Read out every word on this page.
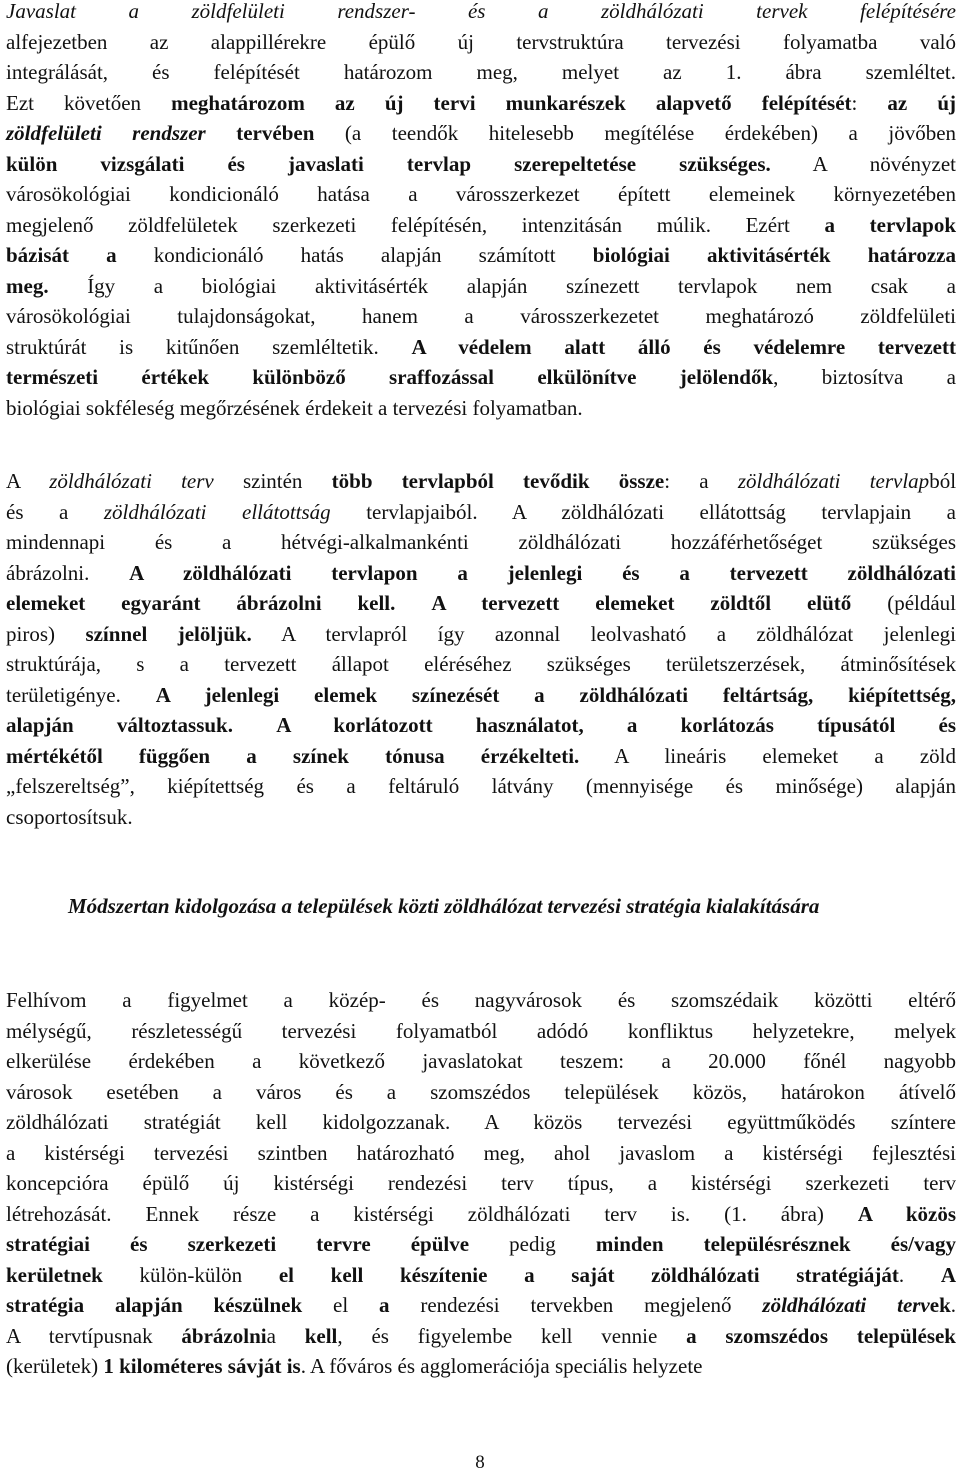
Javaslat a zöldfelületi rendszer- és a zöldhálózati tervek felépítésére
alfejezetben az alappillérekre épülő új tervstruktúra tervezési folyamatba való
integrálását, és felépítését határozom meg, melyet az 1. ábra szemléltet.
Ezt követően meghatározom az új tervi munkarészek alapvető felépítését: az új
zöldfelületi rendszer tervében (a teendők hitelesebb megítélése érdekében) a jövőben
külön vizsgálati és javaslati tervlap szerepeltetése szükséges. A növényzet
városökológiai kondicionáló hatása a városszerkezet épített elemeinek környezetében
megjelenő zöldfelületek szerkezeti felépítésén, intenzitásán múlik. Ezért a tervlapok
bázisát a kondicionáló hatás alapján számított biológiai aktivitásérték határozza
meg. Így a biológiai aktivitásérték alapján színezett tervlapok nem csak a
városökológiai tulajdonságokat, hanem a városszerkezetet meghatározó zöldfelületi
struktúrát is kitűnően szemléltetik. A védelem alatt álló és védelemre tervezett
természeti értékek különböző sraffozással elkülönítve jelölendők, biztosítva a
biológiai sokféleség megőrzésének érdekeit a tervezési folyamatban.
A zöldhálózati terv szintén több tervlapból tevődik össze: a zöldhálózati tervlapból
és a zöldhálózati ellátottság tervlapjaiból. A zöldhálózati ellátottság tervlapjain a
mindennapi és a hétvégi-alkalmankénti zöldhálózati hozzáférhetőséget szükséges
ábrázolni. A zöldhálózati tervlapon a jelenlegi és a tervezett zöldhálózati
elemeket egyaránt ábrázolni kell. A tervezett elemeket zöldtől elütő (például
piros) színnel jelöljük. A tervlapról így azonnal leolvasható a zöldhálózat jelenlegi
struktúrája, s a tervezett állapot eléréséhez szükséges területszerzések, átminősítések
területigénye. A jelenlegi elemek színezését a zöldhálózati feltártság, kiépítettség,
alapján változtassuk. A korlátozott használatot, a korlátozás típusától és
mértékétől függően a színek tónusa érzékelteti. A lineáris elemeket a zöld
„felszereltség”, kiépítettség és a feltáruló látvány (mennyisége és minősége) alapján
csoportosítsuk.
Módszertan kidolgozása a települések közti zöldhálózat tervezési stratégia kialakítására
Felhívom a figyelmet a közép- és nagyvárosok és szomszédaik közötti eltérő
mélységű, részletességű tervezési folyamatból adódó konfliktus helyzetekre, melyek
elkerülése érdekében a következő javaslatokat teszem: a 20.000 főnél nagyobb
városok esetében a város és a szomszédos települések közös, határokon átívelő
zöldhálózati stratégiát kell kidolgozzanak. A közös tervezési együttműködés színtere
a kistérségi tervezési szintben határozható meg, ahol javaslom a kistérségi fejlesztési
koncepcióra épülő új kistérségi rendezési terv típus, a kistérségi szerkezeti terv
létrehozását. Ennek része a kistérségi zöldhálózati terv is. (1. ábra) A közös
stratégiai és szerkezeti tervre épülve pedig minden településrésznek és/vagy
kerületnek külön-külön el kell készítenie a saját zöldhálózati stratégiáját. A
stratégia alapján készülnek el a rendezési tervekben megjelenő zöldhálózati tervek.
A tervtípusnak ábrázolnia kell, és figyelembe kell vennie a szomszédos települések
(kerületek) 1 kilométeres sávját is. A főváros és agglomerációja speciális helyzete
8
